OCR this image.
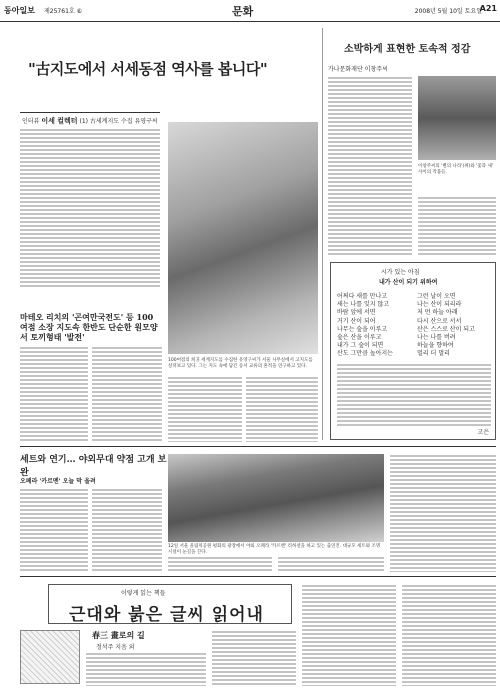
동아일보 제25761호 ⑥	문화	2008년 5월 10일 토요일
A21
"古지도에서 서세동점 역사를 봅니다"
인터뷰 이세 컬렉터 (1) 古세계지도 수집 유영구씨
마테오 리치의 '곤여만국전도' 등 100여점 소장 지도속 한반도 단순한 원모양서 토끼형태 '발전'
100여점의 희귀 세계지도를 수집한 유영구씨가 서울 사무실에서 고지도를 살펴보고 있다. 그는 지도 속에 담긴 동서 교류의 흔적을 연구하고 있다.
소박하게 표현한 토속적 정감
가나문화재단 이창주씨
이창주씨의 '별의 나라'(위)와 '꽃과 새' 사이의 작품들.
시가 있는 아침
내가 산이 되기 위하여
어쩌다 새를 만나고
새는 나를 잊지 않고
바람 앞에 서면
거기 산이 되어
나무는 숲을 이루고
숲은 산을 이루고
내가 그 숲이 되면
산도 그만큼 높아지는
그런 날이 오면
나는 산이 되리라
저 먼 하늘 아래
다시 산으로 서서
산은 스스로 산이 되고
나는 나를 버려
하늘을 향하여
멀리 더 멀리
고은
세트와 연기… 야외무대 약점 고개 보완
오페라 '카르멘' 오늘 막 올려
12일 서울 올림픽공원 평화의 광장에서 야외 오페라 '카르멘' 리허설을 하고 있는 출연진. 대규모 세트와 조명 시설이 눈길을 끈다.
이렇게 읽는 책들
근대와 붉은 글씨 읽어내
春三 畫로의 길
정석주 지음 외
